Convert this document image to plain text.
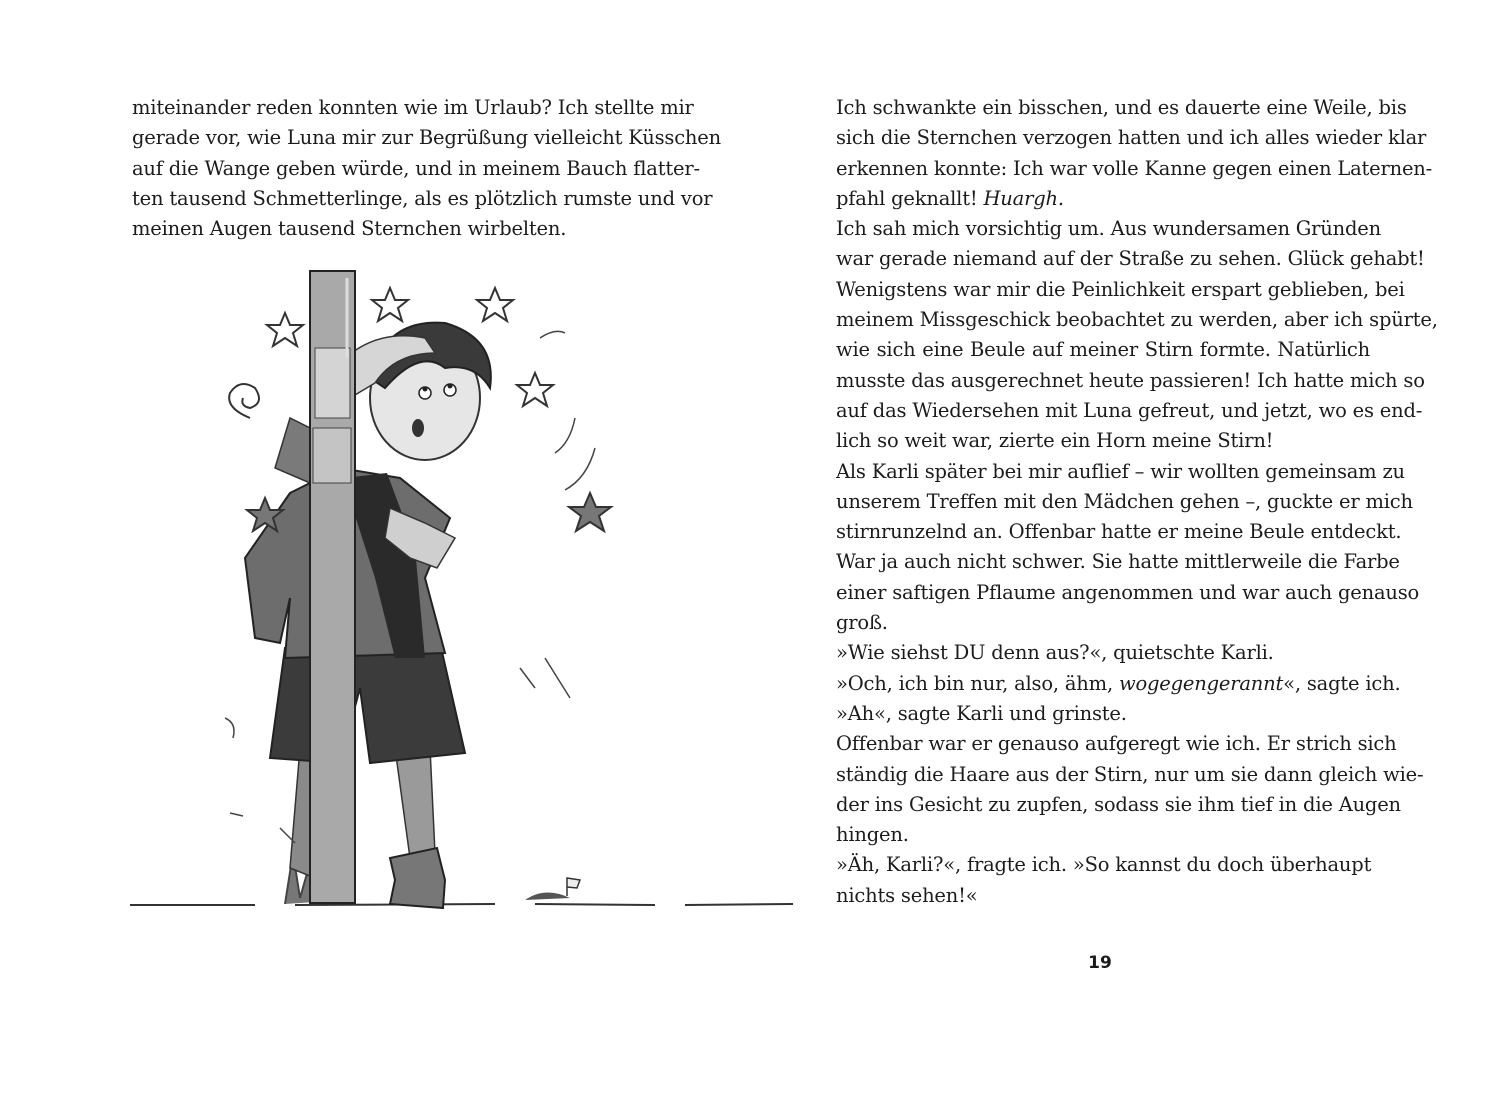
miteinander reden konnten wie im Urlaub? Ich stellte mir
gerade vor, wie Luna mir zur Begrüßung vielleicht Küsschen
auf die Wange geben würde, und in meinem Bauch flatter-
ten tausend Schmetterlinge, als es plötzlich rumste und vor
meinen Augen tausend Sternchen wirbelten.
Ich schwankte ein bisschen, und es dauerte eine Weile, bis
sich die Sternchen verzogen hatten und ich alles wieder klar
erkennen konnte: Ich war volle Kanne gegen einen Laternen-
pfahl geknallt! Huargh.
Ich sah mich vorsichtig um. Aus wundersamen Gründen
war gerade niemand auf der Straße zu sehen. Glück gehabt!
Wenigstens war mir die Peinlichkeit erspart geblieben, bei
meinem Missgeschick beobachtet zu werden, aber ich spürte,
wie sich eine Beule auf meiner Stirn formte. Natürlich
musste das ausgerechnet heute passieren! Ich hatte mich so
auf das Wiedersehen mit Luna gefreut, und jetzt, wo es end-
lich so weit war, zierte ein Horn meine Stirn!
Als Karli später bei mir auflief – wir wollten gemeinsam zu
unserem Treffen mit den Mädchen gehen –, guckte er mich
stirnrunzelnd an. Offenbar hatte er meine Beule entdeckt.
War ja auch nicht schwer. Sie hatte mittlerweile die Farbe
einer saftigen Pflaume angenommen und war auch genauso
groß.
»Wie siehst DU denn aus?«, quietschte Karli.
»Och, ich bin nur, also, ähm, wogegengerannt«, sagte ich.
»Ah«, sagte Karli und grinste.
Offenbar war er genauso aufgeregt wie ich. Er strich sich
ständig die Haare aus der Stirn, nur um sie dann gleich wie-
der ins Gesicht zu zupfen, sodass sie ihm tief in die Augen
hingen.
»Äh, Karli?«, fragte ich. »So kannst du doch überhaupt
nichts sehen!«
19
